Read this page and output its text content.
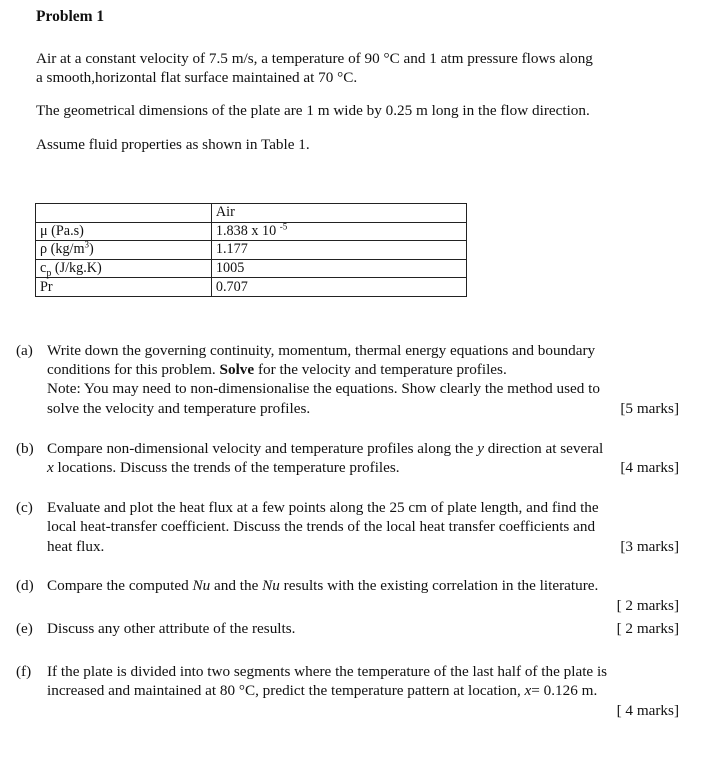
Problem 1
Air at a constant velocity of 7.5 m/s, a temperature of 90 °C and 1 atm pressure flows along
a smooth,horizontal flat surface maintained at 70 °C.
The geometrical dimensions of the plate are 1 m wide by 0.25 m long in the flow direction.
Assume fluid properties as shown in Table 1.
	Air
μ (Pa.s)	1.838 x 10 $^{-5}$
ρ $(kg/m^3)$	1.177
$c_p$ (J/kg.K)	1005
Pr	0.707
(a) Write down the governing continuity, momentum, thermal energy equations and boundary
conditions for this problem. Solve for the velocity and temperature profiles.
Note: You may need to non-dimensionalise the equations. Show clearly the method used to
solve the velocity and temperature profiles.	[5 marks]
(b) Compare non-dimensional velocity and temperature profiles along the y direction at several
x locations. Discuss the trends of the temperature profiles.	[4 marks]
(c) Evaluate and plot the heat flux at a few points along the 25 cm of plate length, and find the
local heat-transfer coefficient. Discuss the trends of the local heat transfer coefficients and
heat flux.	[3 marks]
(d) Compare the computed Nu and the Nu results with the existing correlation in the literature.
[ 2 marks]
(e) Discuss any other attribute of the results.	[ 2 marks]
(f) If the plate is divided into two segments where the temperature of the last half of the plate is
increased and maintained at 80 °C, predict the temperature pattern at location, x= 0.126 m.
[ 4 marks]
